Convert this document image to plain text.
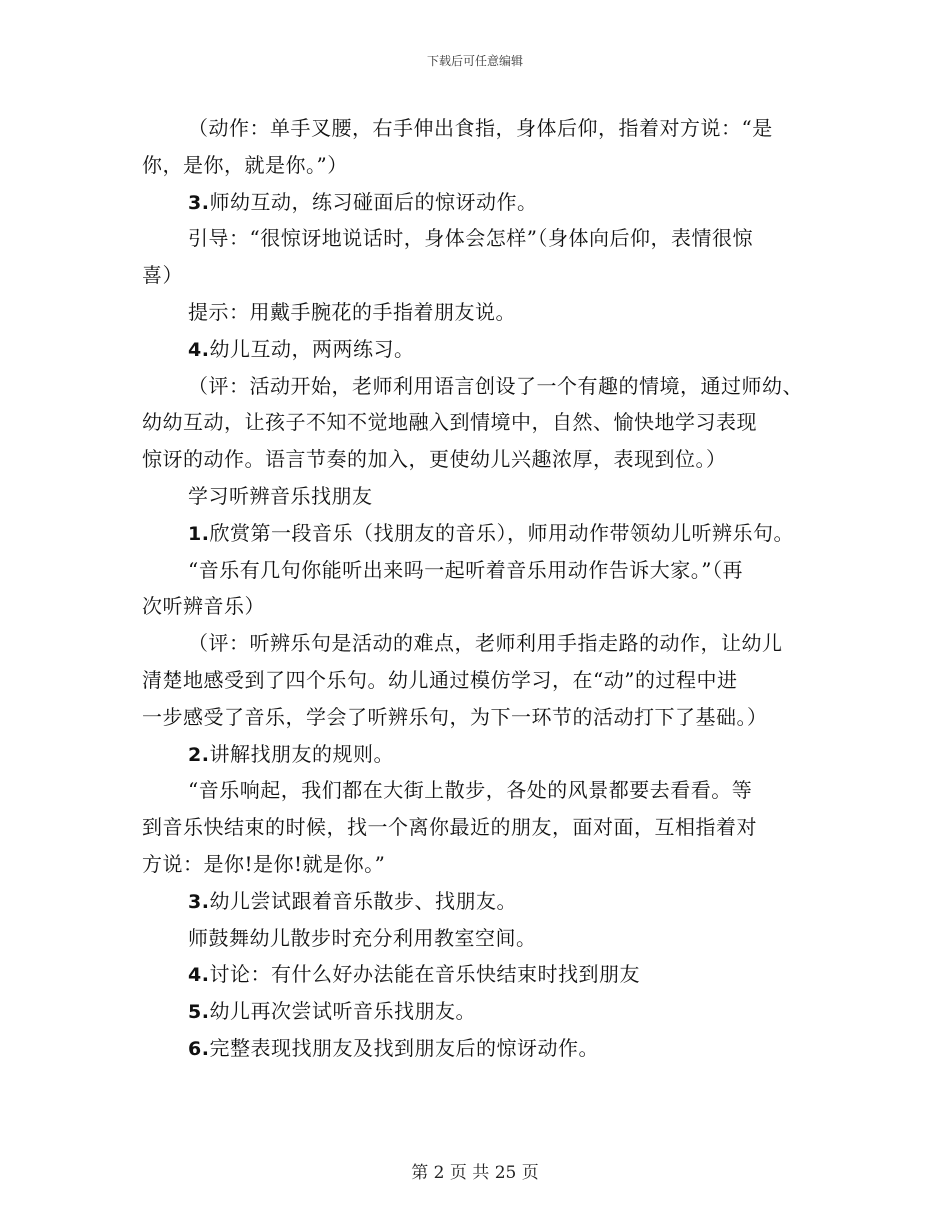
下载后可任意编辑
（动作：单手叉腰，右手伸出食指，身体后仰，指着对方说：“是
你，是你，就是你。”）
3.师幼互动，练习碰面后的惊讶动作。
引导：“很惊讶地说话时，身体会怎样”（身体向后仰，表情很惊
喜）
提示：用戴手腕花的手指着朋友说。
4.幼儿互动，两两练习。
（评：活动开始，老师利用语言创设了一个有趣的情境，通过师幼、
幼幼互动，让孩子不知不觉地融入到情境中，自然、愉快地学习表现
惊讶的动作。语言节奏的加入，更使幼儿兴趣浓厚，表现到位。）
学习听辨音乐找朋友
1.欣赏第一段音乐（找朋友的音乐），师用动作带领幼儿听辨乐句。
“音乐有几句你能听出来吗一起听着音乐用动作告诉大家。”（再
次听辨音乐）
（评：听辨乐句是活动的难点，老师利用手指走路的动作，让幼儿
清楚地感受到了四个乐句。幼儿通过模仿学习，在“动”的过程中进
一步感受了音乐，学会了听辨乐句，为下一环节的活动打下了基础。）
2.讲解找朋友的规则。
“音乐响起，我们都在大街上散步，各处的风景都要去看看。等
到音乐快结束的时候，找一个离你最近的朋友，面对面，互相指着对
方说：是你!是你!就是你。”
3.幼儿尝试跟着音乐散步、找朋友。
师鼓舞幼儿散步时充分利用教室空间。
4.讨论：有什么好办法能在音乐快结束时找到朋友
5.幼儿再次尝试听音乐找朋友。
6.完整表现找朋友及找到朋友后的惊讶动作。
第 2 页 共 25 页
